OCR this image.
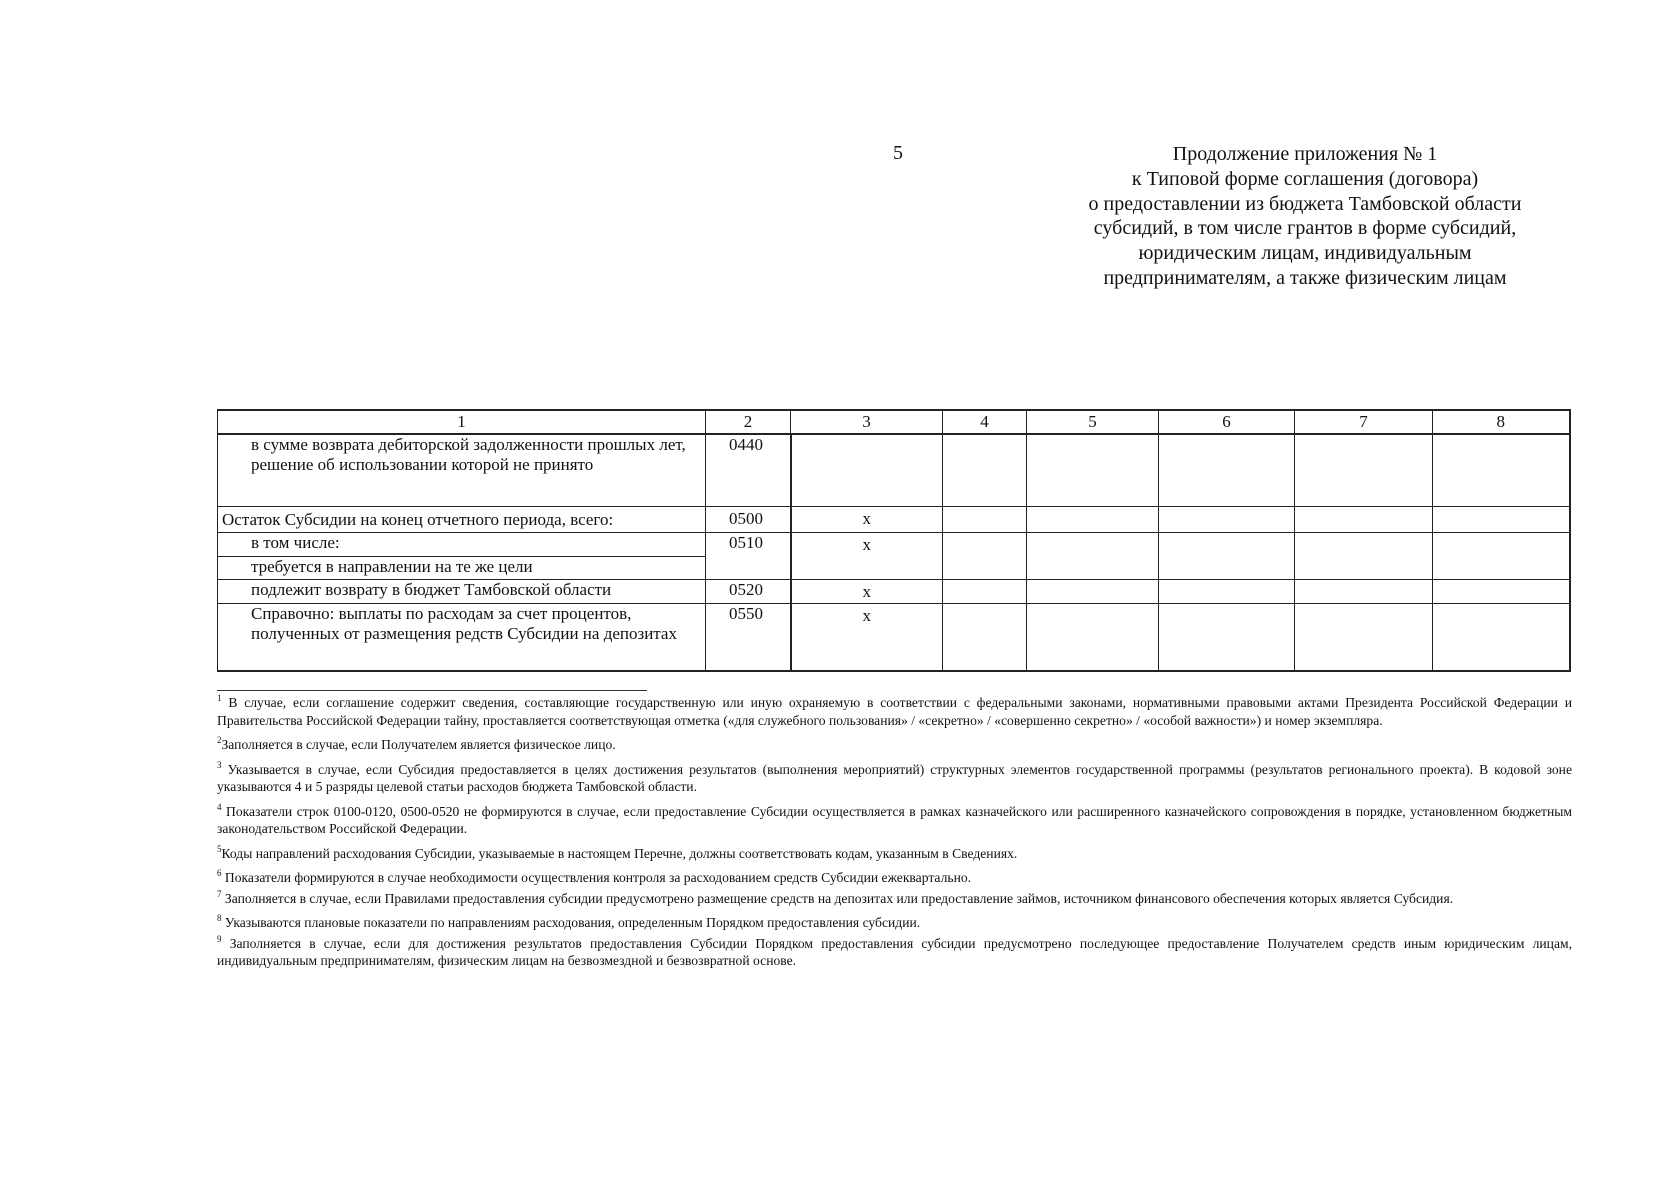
5	Продолжение приложения № 1
к Типовой форме соглашения (договора)
о предоставлении из бюджета Тамбовской области
субсидий, в том числе грантов в форме субсидий,
юридическим лицам, индивидуальным
предпринимателям, а также физическим лицам
1	2	3	4	5	6	7	8
в сумме возврата дебиторской задолженности прошлых лет, решение об использовании которой не принято	0440						
Остаток Субсидии на конец отчетного периода, всего:	0500	x					
в том числе:	0510	x					
требуется в направлении на те же цели							
подлежит возврату в бюджет Тамбовской области	0520	x					
Справочно: выплаты по расходам за счет процентов, полученных от размещения редств Субсидии на депозитах	0550	x					

$^1$ В случае, если соглашение содержит сведения, составляющие государственную или иную охраняемую в соответствии с федеральными законами, нормативными правовыми актами Президента Российской Федерации и Правительства Российской Федерации тайну, проставляется соответствующая отметка («для служебного пользования» / «секретно» / «совершенно секретно» / «особой важности») и номер экземпляра.

$^2$Заполняется в случае, если Получателем является физическое лицо.

$^3$ Указывается в случае, если Субсидия предоставляется в целях достижения результатов (выполнения мероприятий) структурных элементов государственной программы (результатов регионального проекта). В кодовой зоне указываются 4 и 5 разряды целевой статьи расходов бюджета Тамбовской области.

$^4$ Показатели строк 0100-0120, 0500-0520 не формируются в случае, если предоставление Субсидии осуществляется в рамках казначейского или расширенного казначейского сопровождения в порядке, установленном бюджетным законодательством Российской Федерации.

$^5$Коды направлений расходования Субсидии, указываемые в настоящем Перечне, должны соответствовать кодам, указанным в Сведениях.

$^6$ Показатели формируются в случае необходимости осуществления контроля за расходованием средств Субсидии ежеквартально.

$^7$ Заполняется в случае, если Правилами предоставления субсидии предусмотрено размещение средств на депозитах или предоставление займов, источником финансового обеспечения которых является Субсидия.

$^8$ Указываются плановые показатели по направлениям расходования, определенным Порядком предоставления субсидии.

$^9$ Заполняется в случае, если для достижения результатов предоставления Субсидии Порядком предоставления субсидии предусмотрено последующее предоставление Получателем средств иным юридическим лицам, индивидуальным предпринимателям, физическим лицам на безвозмездной и безвозвратной основе.
